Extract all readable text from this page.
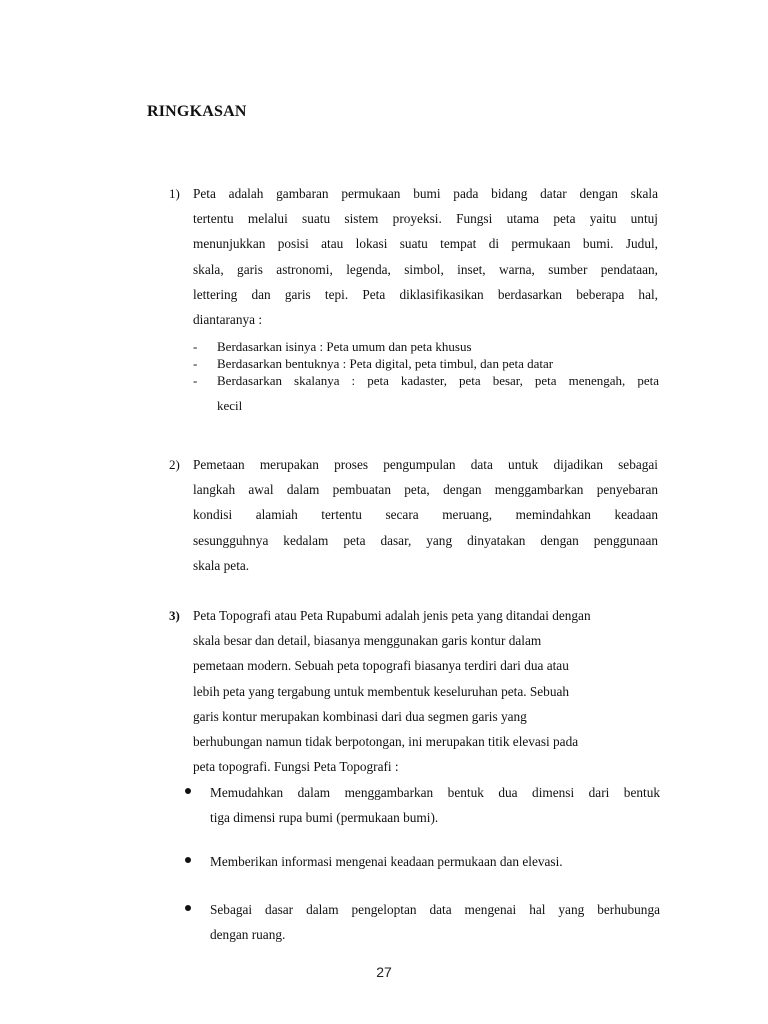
RINGKASAN
1) Peta adalah gambaran permukaan bumi pada bidang datar dengan skala
tertentu melalui suatu sistem proyeksi. Fungsi utama peta yaitu untuj
menunjukkan posisi atau lokasi suatu tempat di permukaan bumi. Judul,
skala, garis astronomi, legenda, simbol, inset, warna, sumber pendataan,
lettering dan garis tepi. Peta diklasifikasikan berdasarkan beberapa hal,
diantaranya :
- Berdasarkan isinya : Peta umum dan peta khusus
- Berdasarkan bentuknya : Peta digital, peta timbul, dan peta datar
- Berdasarkan skalanya : peta kadaster, peta besar, peta menengah, peta
kecil
2) Pemetaan merupakan proses pengumpulan data untuk dijadikan sebagai
langkah awal dalam pembuatan peta, dengan menggambarkan penyebaran
kondisi alamiah tertentu secara meruang, memindahkan keadaan
sesungguhnya kedalam peta dasar, yang dinyatakan dengan penggunaan
skala peta.
3) Peta Topografi atau Peta Rupabumi adalah jenis peta yang ditandai dengan
skala besar dan detail, biasanya menggunakan garis kontur dalam
pemetaan modern. Sebuah peta topografi biasanya terdiri dari dua atau
lebih peta yang tergabung untuk membentuk keseluruhan peta. Sebuah
garis kontur merupakan kombinasi dari dua segmen garis yang
berhubungan namun tidak berpotongan, ini merupakan titik elevasi pada
peta topografi. Fungsi Peta Topografi :
Memudahkan dalam menggambarkan bentuk dua dimensi dari bentuk
tiga dimensi rupa bumi (permukaan bumi).
Memberikan informasi mengenai keadaan permukaan dan elevasi.
Sebagai dasar dalam pengeloptan data mengenai hal yang berhubunga
dengan ruang.
27
